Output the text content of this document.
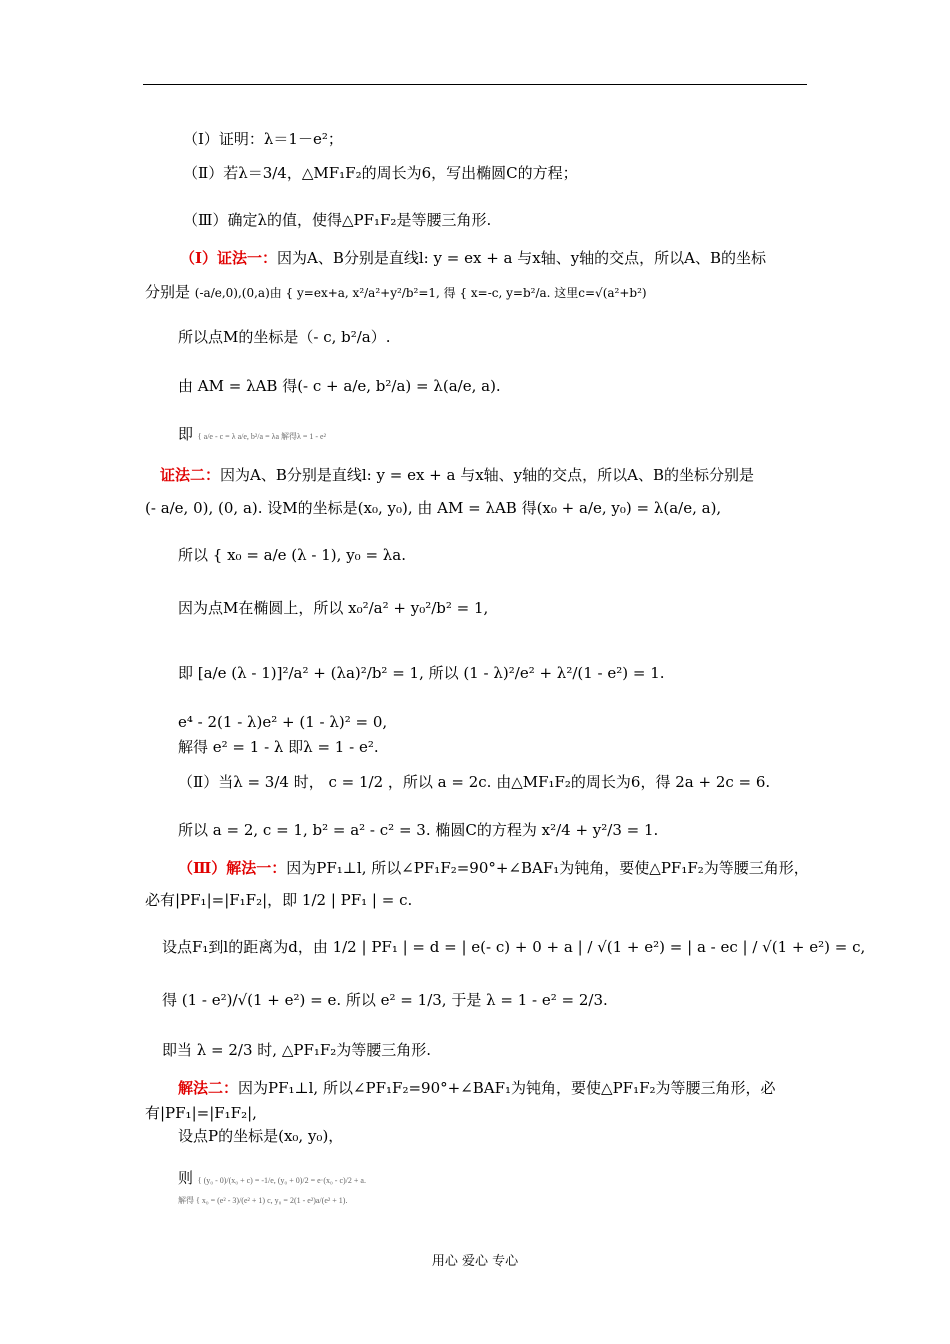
（Ⅰ）证明：λ＝1－e²；
（Ⅱ）若λ＝3/4，△MF₁F₂的周长为6，写出椭圆C的方程；
（Ⅲ）确定λ的值，使得△PF₁F₂是等腰三角形.
（Ⅰ）证法一：因为A、B分别是直线l: y = ex + a 与x轴、y轴的交点，所以A、B的坐标
分别是 (-a/e,0),(0,a)由 { y=ex+a, x²/a²+y²/b²=1, 得 { x=-c, y=b²/a. 这里c=√(a²+b²)
所以点M的坐标是（- c, b²/a）.
由 AM = λAB 得(- c + a/e, b²/a) = λ(a/e, a).
即 { a/e - c = λ a/e, b²/a = λa 解得λ = 1 - e²
证法二：因为A、B分别是直线l: y = ex + a 与x轴、y轴的交点，所以A、B的坐标分别是
(- a/e, 0), (0, a). 设M的坐标是(x₀, y₀), 由 AM = λAB 得(x₀ + a/e, y₀) = λ(a/e, a),
所以 { x₀ = a/e (λ - 1), y₀ = λa.
因为点M在椭圆上，所以 x₀²/a² + y₀²/b² = 1,
即 [a/e (λ - 1)]²/a² + (λa)²/b² = 1, 所以 (1 - λ)²/e² + λ²/(1 - e²) = 1.
e⁴ - 2(1 - λ)e² + (1 - λ)² = 0,
解得 e² = 1 - λ 即λ = 1 - e².
（Ⅱ）当λ = 3/4 时， c = 1/2 ，所以 a = 2c. 由△MF₁F₂的周长为6，得 2a + 2c = 6.
所以 a = 2, c = 1, b² = a² - c² = 3. 椭圆C的方程为 x²/4 + y²/3 = 1.
（Ⅲ）解法一：因为PF₁⊥l, 所以∠PF₁F₂=90°+∠BAF₁为钝角，要使△PF₁F₂为等腰三角形，
必有|PF₁|=|F₁F₂|，即 1/2 | PF₁ | = c.
设点F₁到l的距离为d，由 1/2 | PF₁ | = d = | e(- c) + 0 + a | / √(1 + e²) = | a - ec | / √(1 + e²) = c,
得 (1 - e²)/√(1 + e²) = e. 所以 e² = 1/3, 于是 λ = 1 - e² = 2/3.
即当 λ = 2/3 时, △PF₁F₂为等腰三角形.
解法二：因为PF₁⊥l, 所以∠PF₁F₂=90°+∠BAF₁为钝角，要使△PF₁F₂为等腰三角形，必
有|PF₁|=|F₁F₂|,
设点P的坐标是(x₀, y₀)，
则 { (y₀ - 0)/(x₀ + c) = -1/e, (y₀ + 0)/2 = e·(x₀ - c)/2 + a.
解得 { x₀ = (e² - 3)/(e² + 1) c, y₀ = 2(1 - e²)a/(e² + 1).
用心 爱心 专心
